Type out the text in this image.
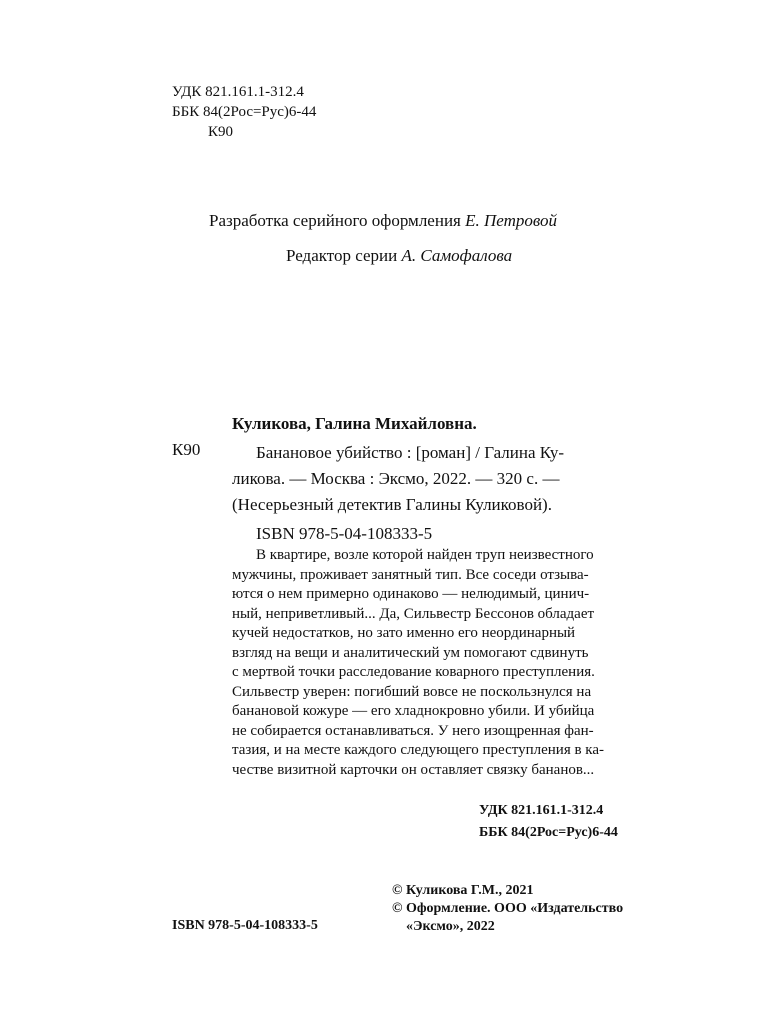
УДК 821.161.1-312.4
ББК 84(2Рос=Рус)6-44
К90
Разработка серийного оформления Е. Петровой
Редактор серии А. Самофалова
Куликова, Галина Михайловна.
К90	Банановое убийство : [роман] / Галина Ку-
ликова. — Москва : Эксмо, 2022. — 320 с. —
(Несерьезный детектив Галины Куликовой).
ISBN 978-5-04-108333-5
В квартире, возле которой найден труп неизвестного
мужчины, проживает занятный тип. Все соседи отзыва-
ются о нем примерно одинаково — нелюдимый, цинич-
ный, неприветливый... Да, Сильвестр Бессонов обладает
кучей недостатков, но зато именно его неординарный
взгляд на вещи и аналитический ум помогают сдвинуть
с мертвой точки расследование коварного преступления.
Сильвестр уверен: погибший вовсе не поскользнулся на
банановой кожуре — его хладнокровно убили. И убийца
не собирается останавливаться. У него изощренная фан-
тазия, и на месте каждого следующего преступления в ка-
честве визитной карточки он оставляет связку бананов...
УДК 821.161.1-312.4
ББК 84(2Рос=Рус)6-44
© Куликова Г.М., 2021
© Оформление. ООО «Издательство
«Эксмо», 2022
ISBN 978-5-04-108333-5
